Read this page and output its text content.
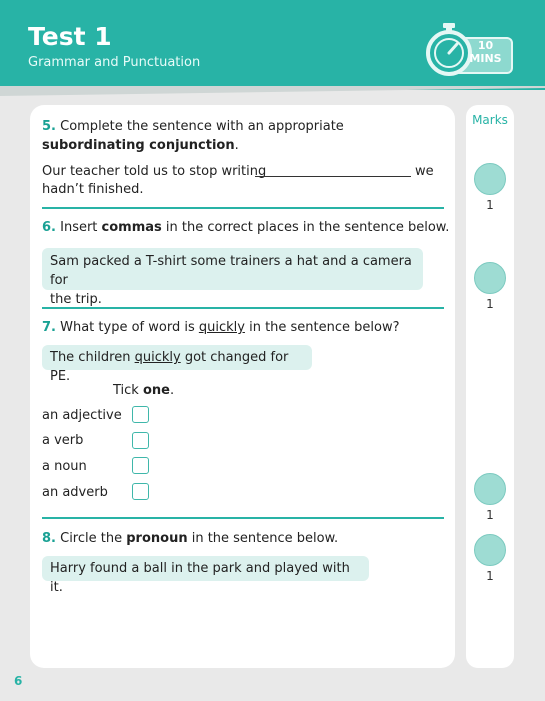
Test 1
Grammar and Punctuation
10
MINS
Marks
1
1
1
1
5. Complete the sentence with an appropriate subordinating conjunction.
Our teacher told us to stop writing	we
hadn’t finished.
6. Insert commas in the correct places in the sentence below.
Sam packed a T-shirt some trainers a hat and a camera for
the trip.
7. What type of word is quickly in the sentence below?
The children quickly got changed for PE.
Tick one.
an adjective
a verb
a noun
an adverb
8. Circle the pronoun in the sentence below.
Harry found a ball in the park and played with it.
6
